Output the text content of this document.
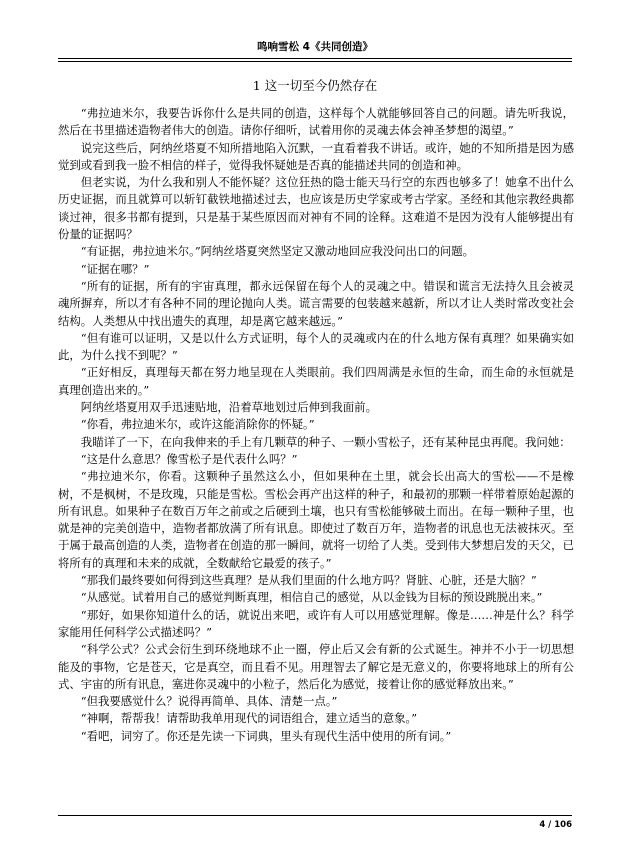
鸣响雪松 4《共同创造》
1 这一切至今仍然存在

“弗拉迪米尔，我要告诉你什么是共同的创造，这样每个人就能够回答自己的问题。请先听我说，然后在书里描述造物者伟大的创造。请你仔细听，试着用你的灵魂去体会神圣梦想的渴望。”

说完这些后，阿纳丝塔夏不知所措地陷入沉默，一直看着我不讲话。或许，她的不知所措是因为感觉到或看到我一脸不相信的样子，觉得我怀疑她是否真的能描述共同的创造和神。

但老实说，为什么我和别人不能怀疑？这位狂热的隐士能天马行空的东西也够多了！她拿不出什么历史证据，而且就算可以斩钉截铁地描述过去，也应该是历史学家或考古学家。圣经和其他宗教经典都谈过神，很多书都有提到，只是基于某些原因而对神有不同的诠释。这难道不是因为没有人能够提出有份量的证据吗？

“有证据，弗拉迪米尔。”阿纳丝塔夏突然坚定又激动地回应我没问出口的问题。

“证据在哪？”

“所有的证据，所有的宇宙真理，都永远保留在每个人的灵魂之中。错误和谎言无法持久且会被灵魂所摒弃，所以才有各种不同的理论抛向人类。谎言需要的包装越来越新，所以才让人类时常改变社会结构。人类想从中找出遗失的真理，却是离它越来越远。”

“但有谁可以证明，又是以什么方式证明，每个人的灵魂或内在的什么地方保有真理？如果确实如此，为什么找不到呢？”

“正好相反，真理每天都在努力地呈现在人类眼前。我们四周满是永恒的生命，而生命的永恒就是真理创造出来的。”

阿纳丝塔夏用双手迅速贴地，沿着草地划过后伸到我面前。

“你看，弗拉迪米尔，或许这能消除你的怀疑。”

我瞄详了一下，在向我伸来的手上有几颗草的种子、一颗小雪松子，还有某种昆虫再爬。我问她：

“这是什么意思？像雪松子是代表什么吗？”

“弗拉迪米尔，你看。这颗种子虽然这么小，但如果种在土里，就会长出高大的雪松——不是橡树，不是枫树，不是玫瑰，只能是雪松。雪松会再产出这样的种子，和最初的那颗一样带着原始起源的所有讯息。如果种子在数百万年之前或之后硬到土壤，也只有雪松能够破土而出。在每一颗种子里，也就是神的完美创造中，造物者都放满了所有讯息。即使过了数百万年，造物者的讯息也无法被抹灭。至于属于最高创造的人类，造物者在创造的那一瞬间，就将一切给了人类。受到伟大梦想启发的天父，已将所有的真理和未来的成就，全数献给它最爱的孩子。”

“那我们最终要如何得到这些真理？是从我们里面的什么地方吗？肾脏、心脏，还是大脑？”

“从感觉。试着用自己的感觉判断真理，相信自己的感觉，从以金钱为目标的预设跳脱出来。”

“那好，如果你知道什么的话，就说出来吧，或许有人可以用感觉理解。像是……神是什么？科学家能用任何科学公式描述吗？”

“科学公式？公式会衍生到环绕地球不止一圈，停止后又会有新的公式诞生。神并不小于一切思想能及的事物，它是苍天，它是真空，而且看不见。用理智去了解它是无意义的，你要将地球上的所有公式、宇宙的所有讯息，塞进你灵魂中的小粒子，然后化为感觉，接着让你的感觉释放出来。”

“但我要感觉什么？说得再简单、具体、清楚一点。”

“神啊，帮帮我！请帮助我单用现代的词语组合，建立适当的意象。”

“看吧，词穷了。你还是先读一下词典，里头有现代生活中使用的所有词。”

4 / 106
